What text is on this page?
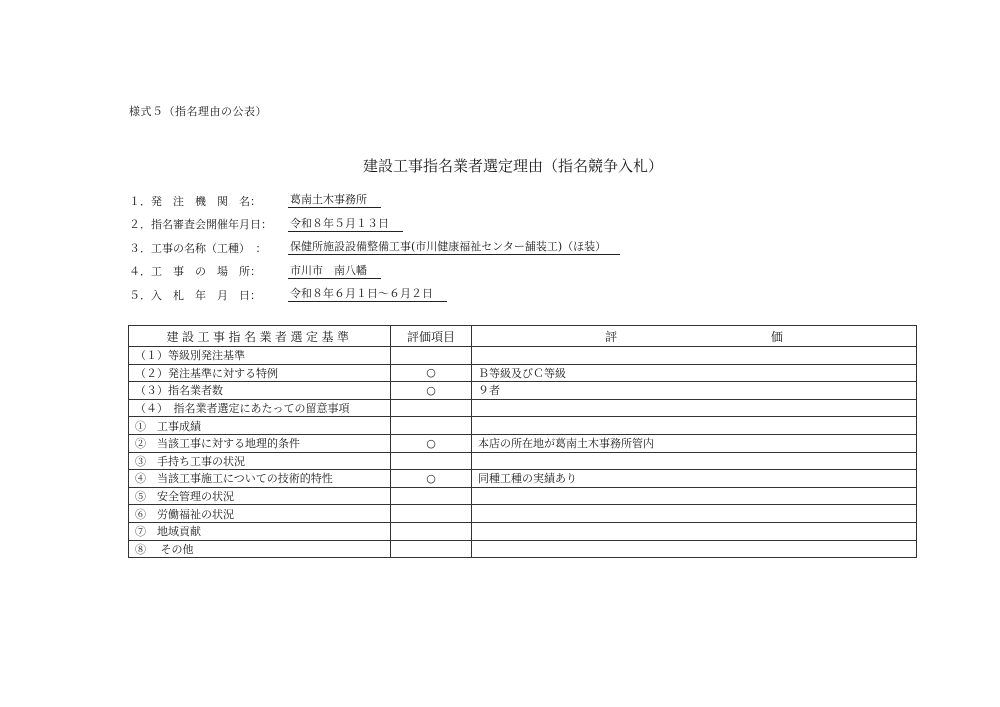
様式５（指名理由の公表）
建設工事指名業者選定理由（指名競争入札）
１．発　注　機　関　名：	葛南土木事務所
２．指名審査会開催年月日：	令和８年５月１３日
３．工事の名称（工種）　：	保健所施設設備整備工事(市川健康福祉センター舗装工)（ほ装）
４．工　事　の　場　所：	市川市　南八幡
５．入　札　年　月　日：	令和８年６月１日～６月２日
建設工事指名業者選定基準	評価項目	評 価
（１）等級別発注基準		
（２）発注基準に対する特例	○	Ｂ等級及びＣ等級
（３）指名業者数	○	９者
（４）　指名業者選定にあたっての留意事項		
①　工事成績		
②　当該工事に対する地理的条件	○	本店の所在地が葛南土木事務所管内
③　手持ち工事の状況		
④　当該工事施工についての技術的特性	○	同種工種の実績あり
⑤　安全管理の状況		
⑥　労働福祉の状況		
⑦　地域貢献		
⑧　 その他		
